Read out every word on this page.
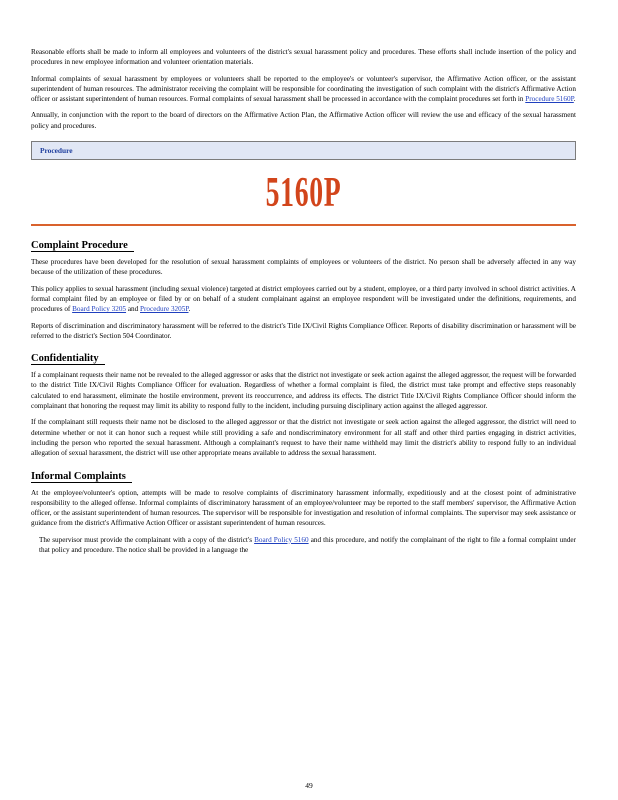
Reasonable efforts shall be made to inform all employees and volunteers of the district's sexual harassment policy and procedures. These efforts shall include insertion of the policy and procedures in new employee information and volunteer orientation materials.

Informal complaints of sexual harassment by employees or volunteers shall be reported to the employee's or volunteer's supervisor, the Affirmative Action officer, or the assistant superintendent of human resources. The administrator receiving the complaint will be responsible for coordinating the investigation of such complaint with the district's Affirmative Action officer or assistant superintendent of human resources. Formal complaints of sexual harassment shall be processed in accordance with the complaint procedures set forth in Procedure 5160P.

Annually, in conjunction with the report to the board of directors on the Affirmative Action Plan, the Affirmative Action officer will review the use and efficacy of the sexual harassment policy and procedures.

Procedure
5160P
Complaint Procedure

These procedures have been developed for the resolution of sexual harassment complaints of employees or volunteers of the district. No person shall be adversely affected in any way because of the utilization of these procedures.

This policy applies to sexual harassment (including sexual violence) targeted at district employees carried out by a student, employee, or a third party involved in school district activities. A formal complaint filed by an employee or filed by or on behalf of a student complainant against an employee respondent will be investigated under the definitions, requirements, and procedures of Board Policy 3205 and Procedure 3205P.

Reports of discrimination and discriminatory harassment will be referred to the district's Title IX/Civil Rights Compliance Officer. Reports of disability discrimination or harassment will be referred to the district's Section 504 Coordinator.

Confidentiality

If a complainant requests their name not be revealed to the alleged aggressor or asks that the district not investigate or seek action against the alleged aggressor, the request will be forwarded to the district Title IX/Civil Rights Compliance Officer for evaluation. Regardless of whether a formal complaint is filed, the district must take prompt and effective steps reasonably calculated to end harassment, eliminate the hostile environment, prevent its reoccurrence, and address its effects. The district Title IX/Civil Rights Compliance Officer should inform the complainant that honoring the request may limit its ability to respond fully to the incident, including pursuing disciplinary action against the alleged aggressor.

If the complainant still requests their name not be disclosed to the alleged aggressor or that the district not investigate or seek action against the alleged aggressor, the district will need to determine whether or not it can honor such a request while still providing a safe and nondiscriminatory environment for all staff and other third parties engaging in district activities, including the person who reported the sexual harassment. Although a complainant's request to have their name withheld may limit the district's ability to respond fully to an individual allegation of sexual harassment, the district will use other appropriate means available to address the sexual harassment.

Informal Complaints

At the employee/volunteer's option, attempts will be made to resolve complaints of discriminatory harassment informally, expeditiously and at the closest point of administrative responsibility to the alleged offense. Informal complaints of discriminatory harassment of an employee/volunteer may be reported to the staff members' supervisor, the Affirmative Action officer, or the assistant superintendent of human resources. The supervisor will be responsible for investigation and resolution of informal complaints. The supervisor may seek assistance or guidance from the district's Affirmative Action Officer or assistant superintendent of human resources.

The supervisor must provide the complainant with a copy of the district's Board Policy 5160 and this procedure, and notify the complainant of the right to file a formal complaint under that policy and procedure. The notice shall be provided in a language the

49
